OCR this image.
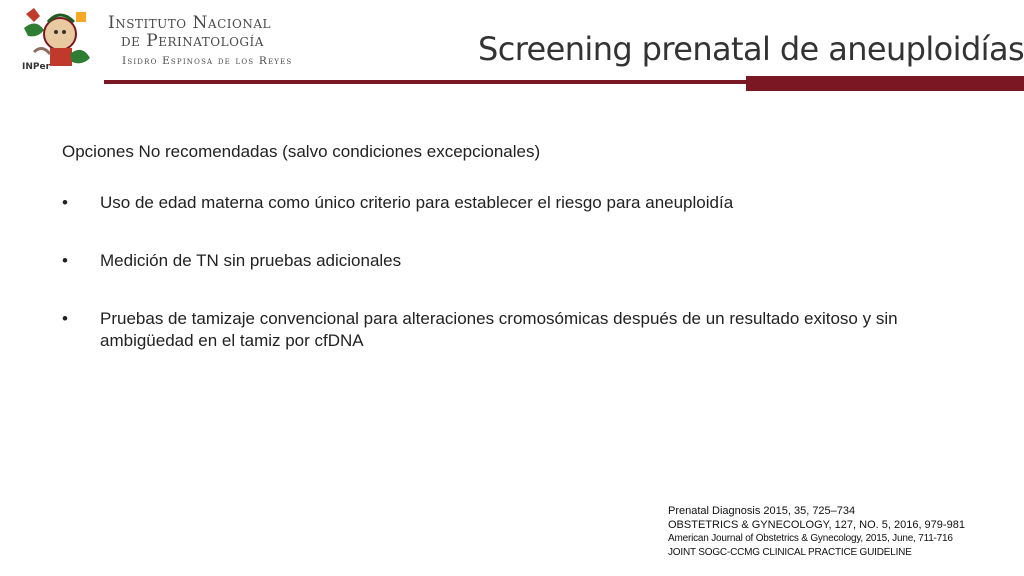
INPer
Instituto Nacional
de Perinatología
Isidro Espinosa de los Reyes	Screening prenatal de aneuploidías
Opciones No recomendadas (salvo condiciones excepcionales)
• Uso de edad materna como único criterio para establecer el riesgo para aneuploidía
• Medición de TN sin pruebas adicionales
• Pruebas de tamizaje convencional para alteraciones cromosómicas después de un resultado exitoso y sin ambigüedad en el tamiz por cfDNA
Prenatal Diagnosis 2015, 35, 725–734
OBSTETRICS & GYNECOLOGY, 127, NO. 5, 2016, 979-981
American Journal of Obstetrics & Gynecology, 2015, June, 711-716
JOINT SOGC-CCMG CLINICAL PRACTICE GUIDELINE
